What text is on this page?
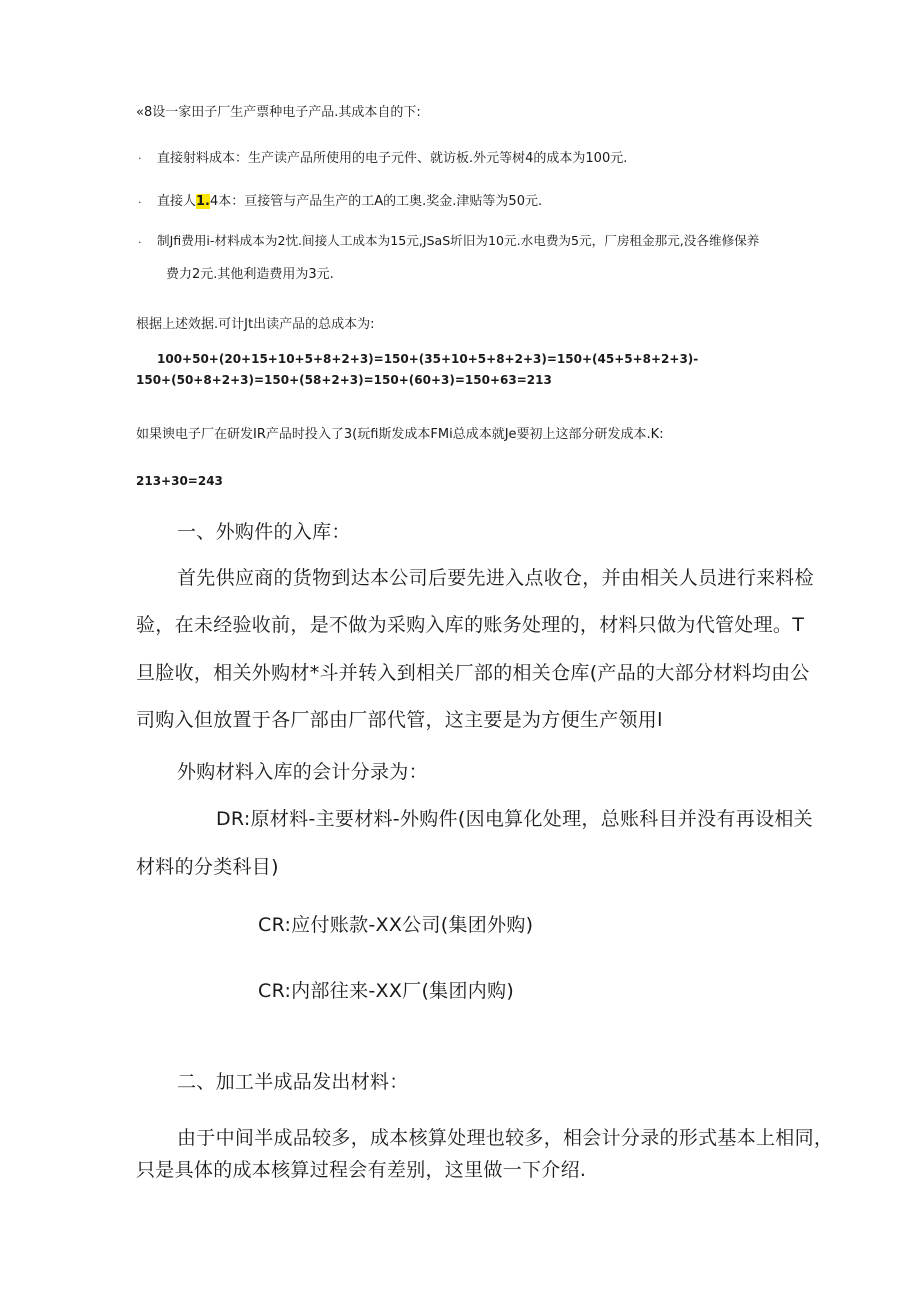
«8设一家田子厂生产票种电子产品.其成本自的下:
· 直接射料成本：生产读产品所使用的电子元件、就访板.外元等树4的成本为100元.
· 直接人1.4本：亘接管与产品生产的工A的工奥.奖金.津贴等为50元.
· 制Jfi费用i-材料成本为2忱.间接人工成本为15元,JSaS圻旧为10元.水电费为5元，厂房租金那元,没各维修保养
费力2元.其他利造费用为3元.
根据上述效据.可计Jt出读产品的总成本为:
100+50+(20+15+10+5+8+2+3)=150+(35+10+5+8+2+3)=150+(45+5+8+2+3)-
150+(50+8+2+3)=150+(58+2+3)=150+(60+3)=150+63=213
如果谀电子厂在研发IR产品时投入了3(玩fi斯发成本FMi总成本就Je要初上这部分研发成本.K:
213+30=243
一、外购件的入库：
首先供应商的货物到达本公司后要先进入点收仓，并由相关人员进行来料检
验，在未经验收前，是不做为采购入库的账务处理的，材料只做为代管处理。T
旦脸收，相关外购材*斗并转入到相关厂部的相关仓库(产品的大部分材料均由公
司购入但放置于各厂部由厂部代管，这主要是为方便生产领用l
外购材料入库的会计分录为：
DR:原材料-主要材料-外购件(因电算化处理，总账科目并没有再设相关
材料的分类科目)
CR:应付账款-XX公司(集团外购)
CR:内部往来-XX厂(集团内购)
二、加工半成品发出材料：
由于中间半成品较多，成本核算处理也较多，相会计分录的形式基本上相同，
只是具体的成本核算过程会有差别，这里做一下介绍.
